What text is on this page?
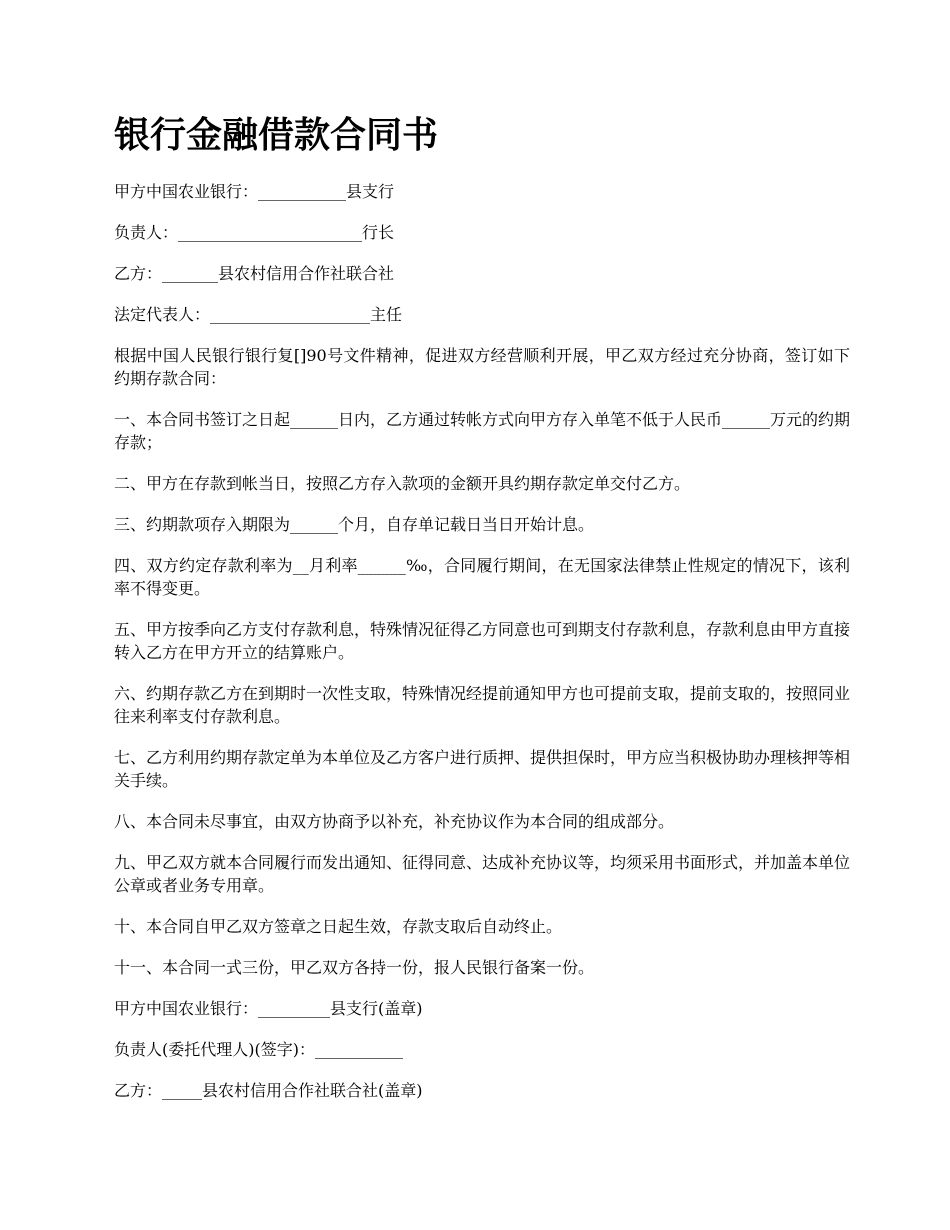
银行金融借款合同书

甲方中国农业银行：___________县支行

负责人：_______________________行长

乙方：_______县农村信用合作社联合社

法定代表人：____________________主任

根据中国人民银行银行复[]90号文件精神，促进双方经营顺利开展，甲乙双方经过充分协商，签订如下约期存款合同：

一、本合同书签订之日起______日内，乙方通过转帐方式向甲方存入单笔不低于人民币______万元的约期存款；

二、甲方在存款到帐当日，按照乙方存入款项的金额开具约期存款定单交付乙方。

三、约期款项存入期限为______个月，自存单记载日当日开始计息。

四、双方约定存款利率为__月利率______‰，合同履行期间，在无国家法律禁止性规定的情况下，该利率不得变更。

五、甲方按季向乙方支付存款利息，特殊情况征得乙方同意也可到期支付存款利息，存款利息由甲方直接转入乙方在甲方开立的结算账户。

六、约期存款乙方在到期时一次性支取，特殊情况经提前通知甲方也可提前支取，提前支取的，按照同业往来利率支付存款利息。

七、乙方利用约期存款定单为本单位及乙方客户进行质押、提供担保时，甲方应当积极协助办理核押等相关手续。

八、本合同未尽事宜，由双方协商予以补充，补充协议作为本合同的组成部分。

九、甲乙双方就本合同履行而发出通知、征得同意、达成补充协议等，均须采用书面形式，并加盖本单位公章或者业务专用章。

十、本合同自甲乙双方签章之日起生效，存款支取后自动终止。

十一、本合同一式三份，甲乙双方各持一份，报人民银行备案一份。

甲方中国农业银行：_________县支行(盖章)

负责人(委托代理人)(签字)：___________

乙方：_____县农村信用合作社联合社(盖章)
